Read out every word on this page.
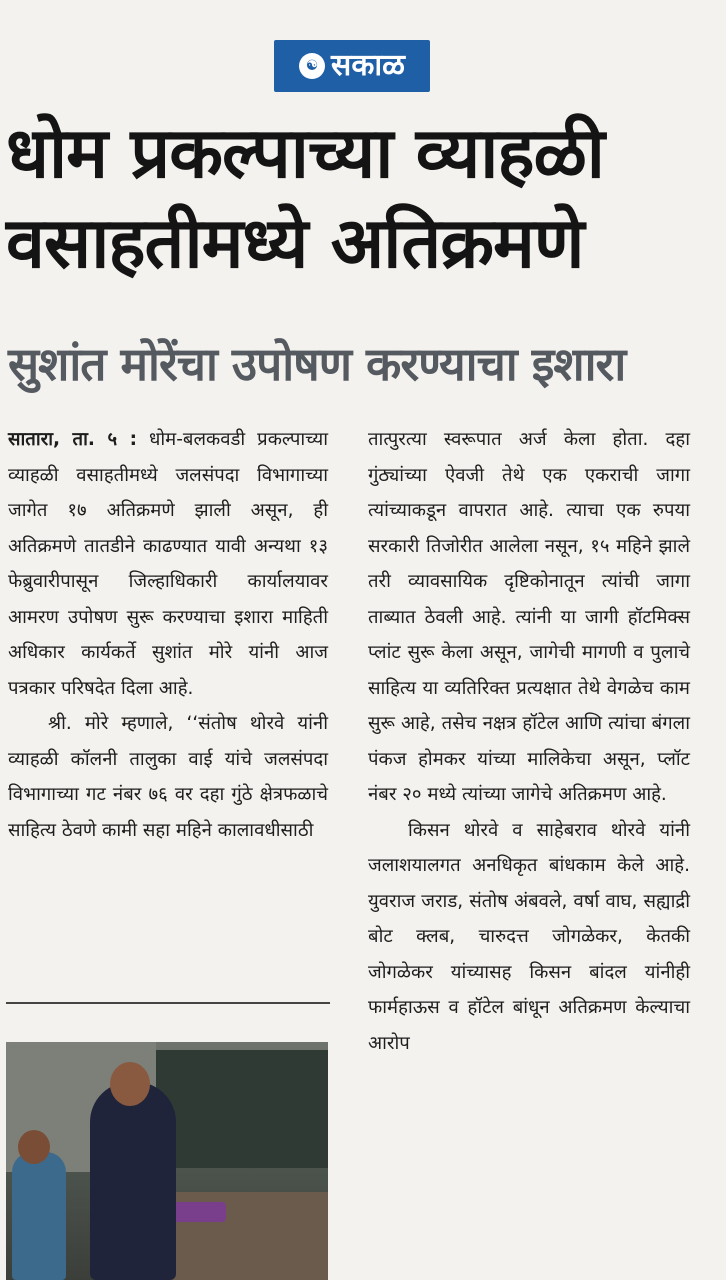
☯ सकाळ
धोम प्रकल्पाच्या व्याहळी
वसाहतीमध्ये अतिक्रमणे
सुशांत मोरेंचा उपोषण करण्याचा इशारा

सातारा, ता. ५ : धोम-बलकवडी प्रकल्पाच्या व्याहळी वसाहतीमध्ये जलसंपदा विभागाच्या जागेत १७ अतिक्रमणे झाली असून, ही अतिक्रमणे तातडीने काढण्यात यावी अन्यथा १३ फेब्रुवारीपासून जिल्हाधिकारी कार्यालयावर आमरण उपोषण सुरू करण्याचा इशारा माहिती अधिकार कार्यकर्ते सुशांत मोरे यांनी आज पत्रकार परिषदेत दिला आहे.

श्री. मोरे म्हणाले, ‘‘संतोष थोरवे यांनी व्याहळी कॉलनी तालुका वाई यांचे जलसंपदा विभागाच्या गट नंबर ७६ वर दहा गुंठे क्षेत्रफळाचे साहित्य ठेवणे कामी सहा महिने कालावधीसाठी

तात्पुरत्या स्वरूपात अर्ज केला होता. दहा गुंठ्यांच्या ऐवजी तेथे एक एकराची जागा त्यांच्याकडून वापरात आहे. त्याचा एक रुपया सरकारी तिजोरीत आलेला नसून, १५ महिने झाले तरी व्यावसायिक दृष्टिकोनातून त्यांची जागा ताब्यात ठेवली आहे. त्यांनी या जागी हॉटमिक्स प्लांट सुरू केला असून, जागेची मागणी व पुलाचे साहित्य या व्यतिरिक्त प्रत्यक्षात तेथे वेगळेच काम सुरू आहे, तसेच नक्षत्र हॉटेल आणि त्यांचा बंगला पंकज होमकर यांच्या मालिकेचा असून, प्लॉट नंबर २० मध्ये त्यांच्या जागेचे अतिक्रमण आहे.

किसन थोरवे व साहेबराव थोरवे यांनी जलाशयालगत अनधिकृत बांधकाम केले आहे. युवराज जराड, संतोष अंबवले, वर्षा वाघ, सह्याद्री बोट क्लब, चारुदत्त जोगळेकर, केतकी जोगळेकर यांच्यासह किसन बांदल यांनीही फार्महाऊस व हॉटेल बांधून अतिक्रमण केल्याचा आरोप
